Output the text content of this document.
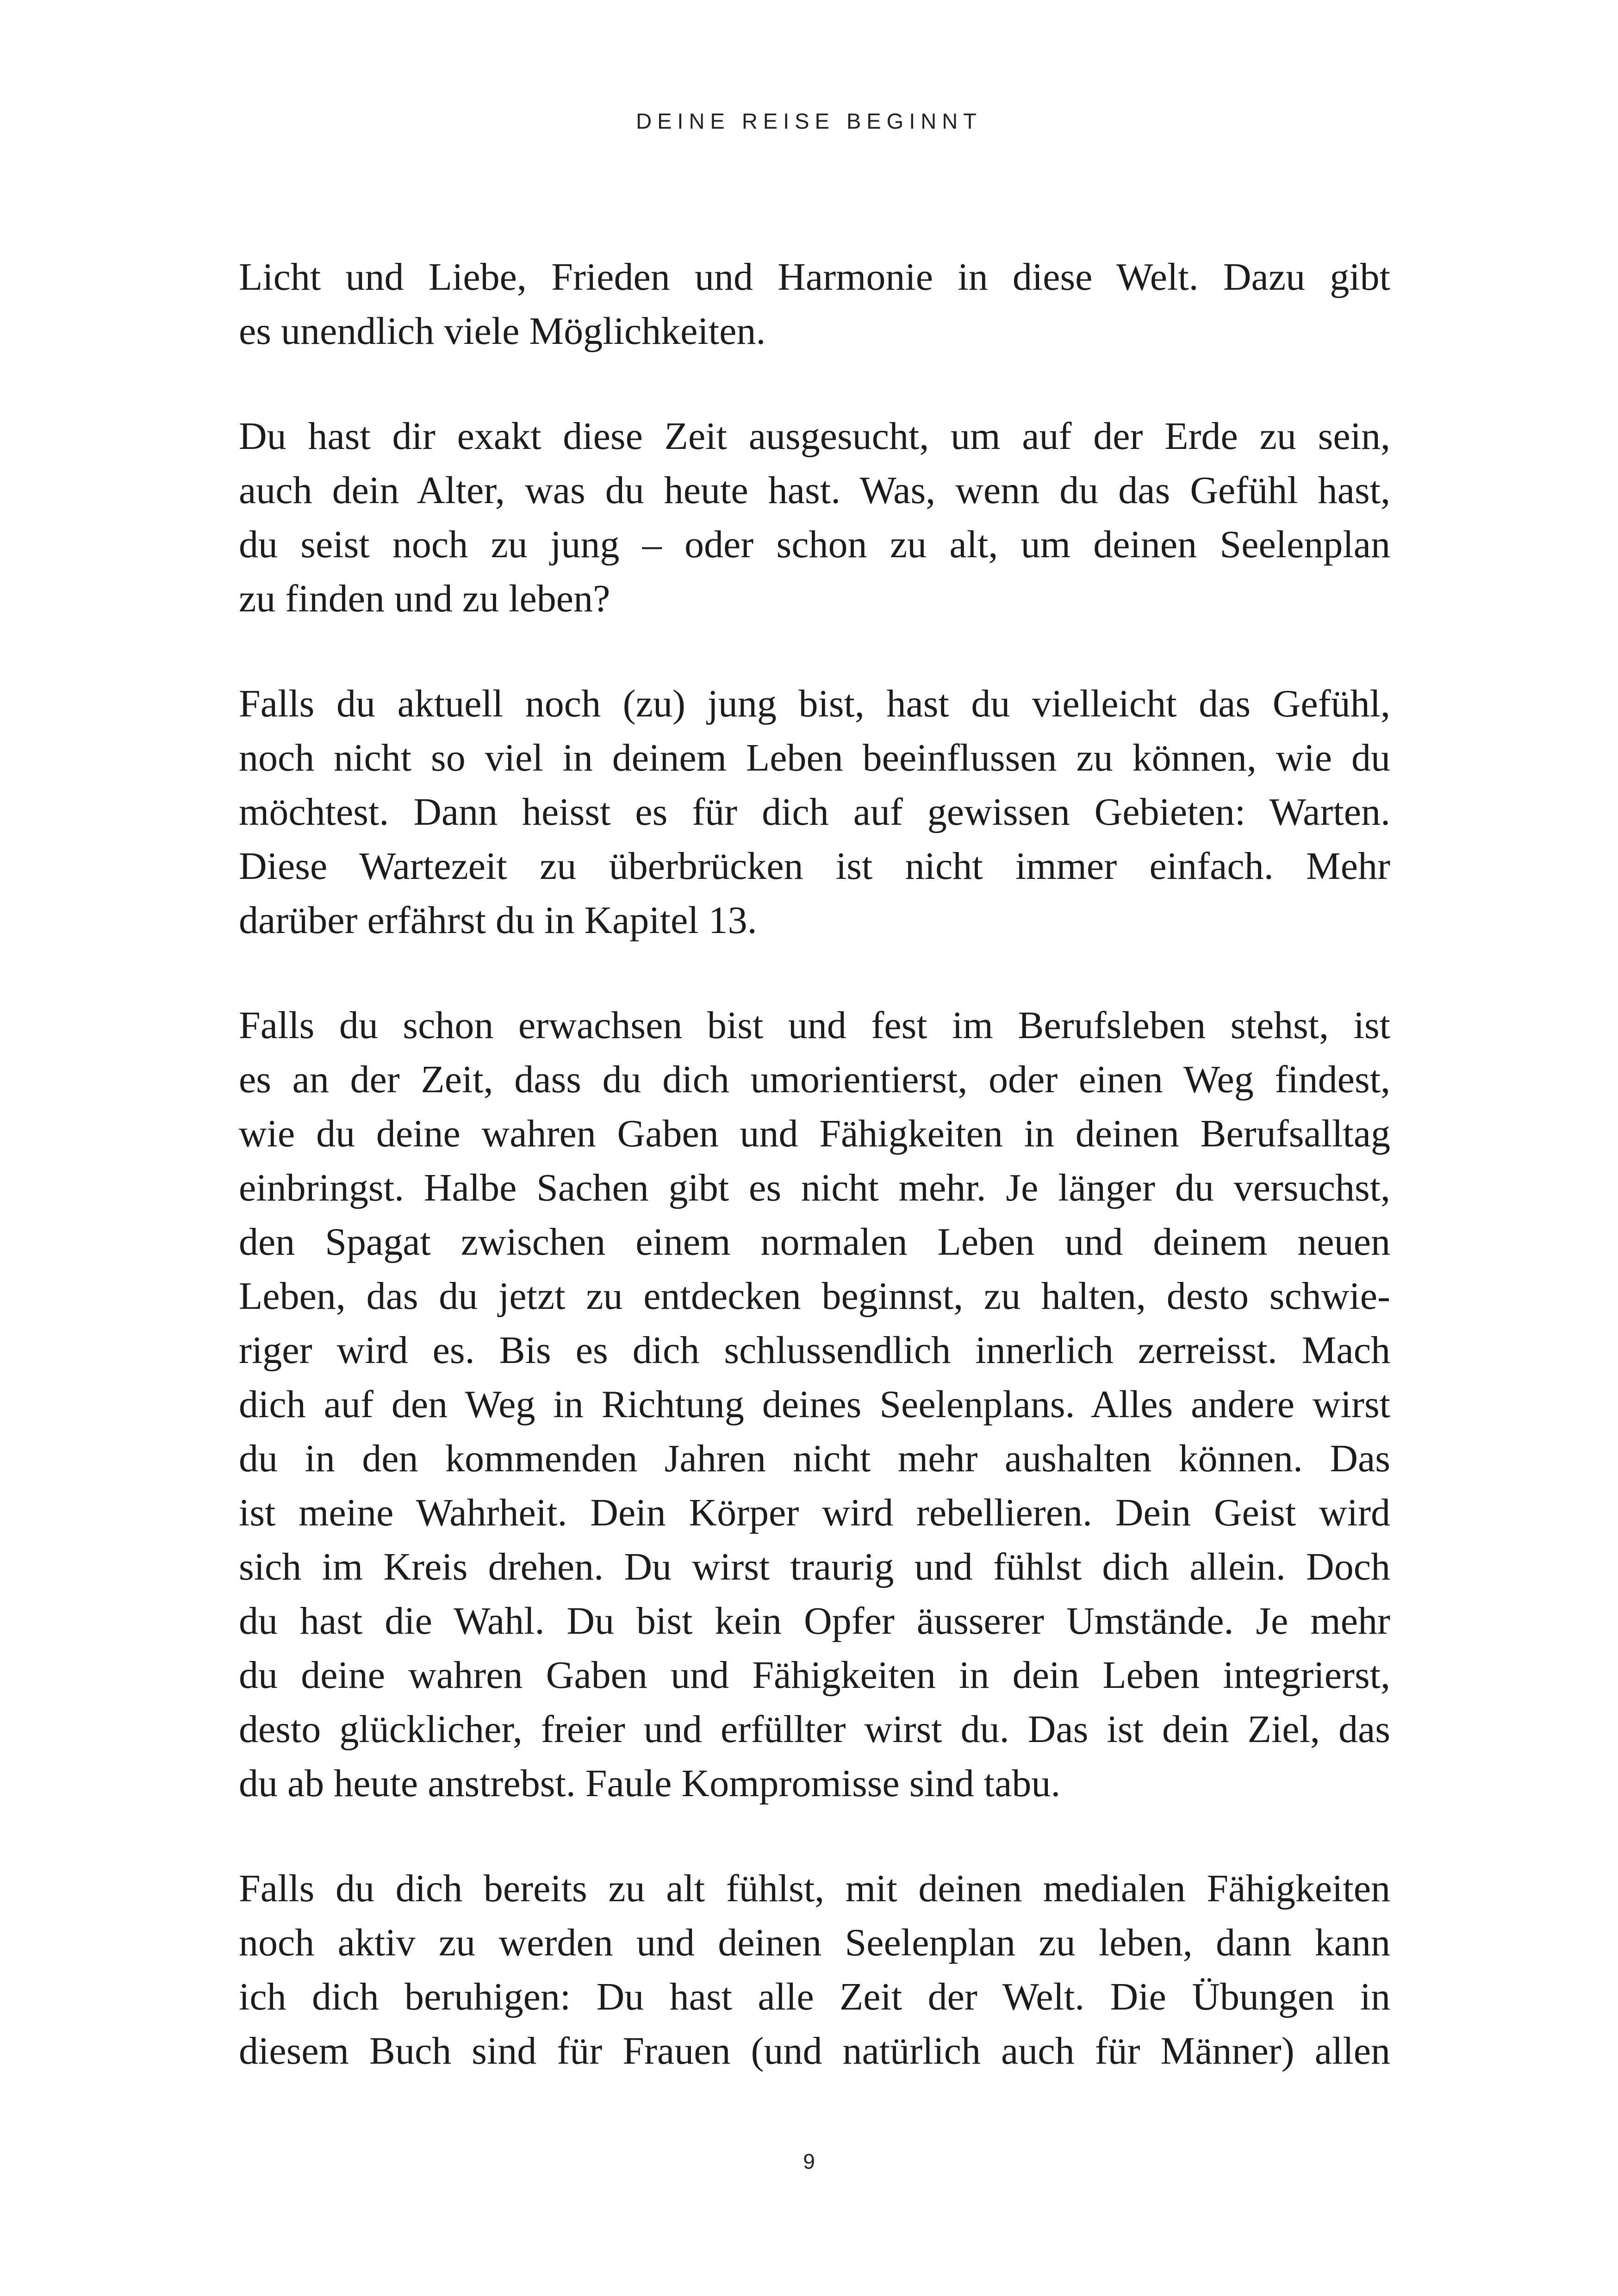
DEINE REISE BEGINNT

Licht und Liebe, Frieden und Harmonie in diese Welt. Dazu gibt
es unendlich viele Möglichkeiten.

Du hast dir exakt diese Zeit ausgesucht, um auf der Erde zu sein,
auch dein Alter, was du heute hast. Was, wenn du das Gefühl hast,
du seist noch zu jung – oder schon zu alt, um deinen Seelenplan
zu finden und zu leben?

Falls du aktuell noch (zu) jung bist, hast du vielleicht das Gefühl,
noch nicht so viel in deinem Leben beeinflussen zu können, wie du
möchtest. Dann heisst es für dich auf gewissen Gebieten: Warten.
Diese Wartezeit zu überbrücken ist nicht immer einfach. Mehr
darüber erfährst du in Kapitel 13.

Falls du schon erwachsen bist und fest im Berufsleben stehst, ist
es an der Zeit, dass du dich umorientierst, oder einen Weg findest,
wie du deine wahren Gaben und Fähigkeiten in deinen Berufsalltag
einbringst. Halbe Sachen gibt es nicht mehr. Je länger du versuchst,
den Spagat zwischen einem normalen Leben und deinem neuen
Leben, das du jetzt zu entdecken beginnst, zu halten, desto schwie-
riger wird es. Bis es dich schlussendlich innerlich zerreisst. Mach
dich auf den Weg in Richtung deines Seelenplans. Alles andere wirst
du in den kommenden Jahren nicht mehr aushalten können. Das
ist meine Wahrheit. Dein Körper wird rebellieren. Dein Geist wird
sich im Kreis drehen. Du wirst traurig und fühlst dich allein. Doch
du hast die Wahl. Du bist kein Opfer äusserer Umstände. Je mehr
du deine wahren Gaben und Fähigkeiten in dein Leben integrierst,
desto glücklicher, freier und erfüllter wirst du. Das ist dein Ziel, das
du ab heute anstrebst. Faule Kompromisse sind tabu.

Falls du dich bereits zu alt fühlst, mit deinen medialen Fähigkeiten
noch aktiv zu werden und deinen Seelenplan zu leben, dann kann
ich dich beruhigen: Du hast alle Zeit der Welt. Die Übungen in
diesem Buch sind für Frauen (und natürlich auch für Männer) allen

9
